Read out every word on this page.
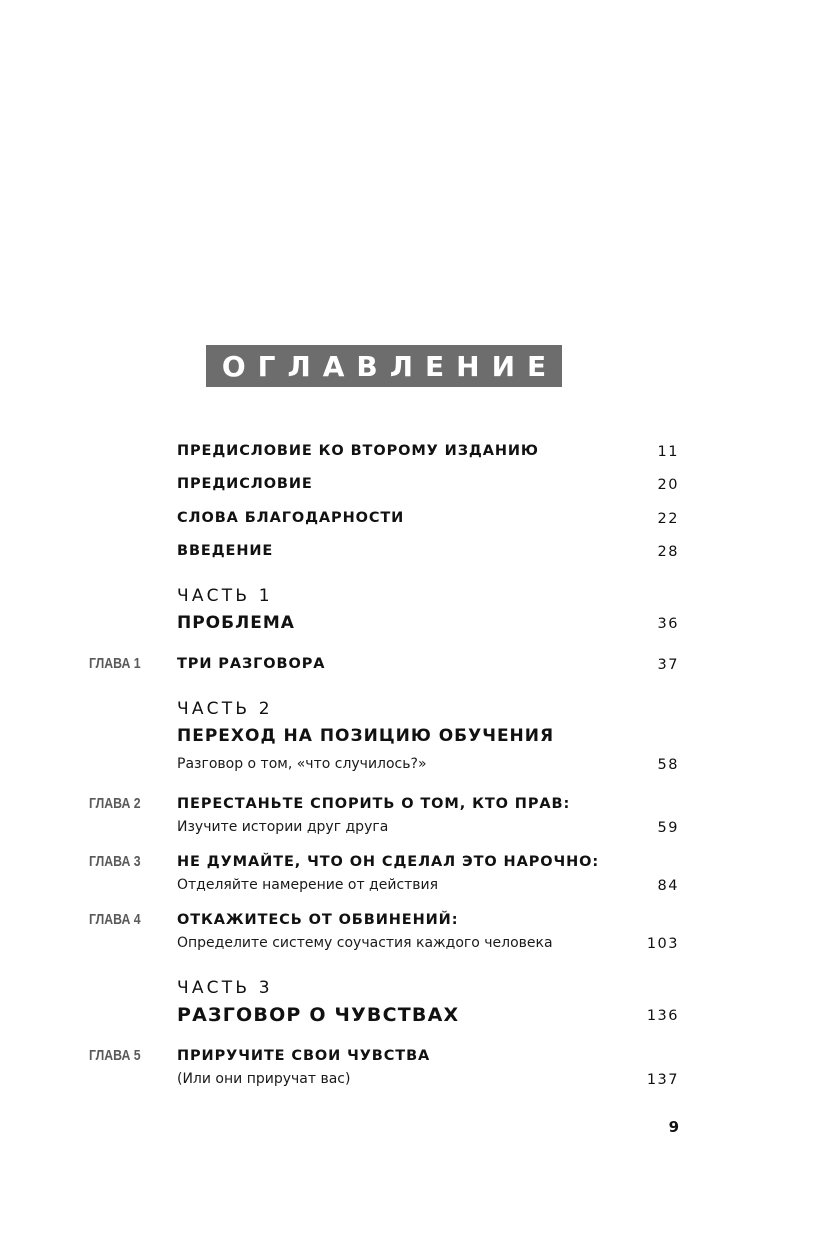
ОГЛАВЛЕНИЕ
ПРЕДИСЛОВИЕ КО ВТОРОМУ ИЗДАНИЮ	11
ПРЕДИСЛОВИЕ	20
СЛОВА БЛАГОДАРНОСТИ	22
ВВЕДЕНИЕ	28
ЧАСТЬ 1
ПРОБЛЕМА	36
ГЛАВА 1	ТРИ РАЗГОВОРА	37
ЧАСТЬ 2
ПЕРЕХОД НА ПОЗИЦИЮ ОБУЧЕНИЯ
Разговор о том, «что случилось?»	58
ГЛАВА 2	ПЕРЕСТАНЬТЕ СПОРИТЬ О ТОМ, КТО ПРАВ:
Изучите истории друг друга	59
ГЛАВА 3	НЕ ДУМАЙТЕ, ЧТО ОН СДЕЛАЛ ЭТО НАРОЧНО:
Отделяйте намерение от действия	84
ГЛАВА 4	ОТКАЖИТЕСЬ ОТ ОБВИНЕНИЙ:
Определите систему соучастия каждого человека	103
ЧАСТЬ 3
РАЗГОВОР О ЧУВСТВАХ	136
ГЛАВА 5	ПРИРУЧИТЕ СВОИ ЧУВСТВА
(Или они приручат вас)	137
9
